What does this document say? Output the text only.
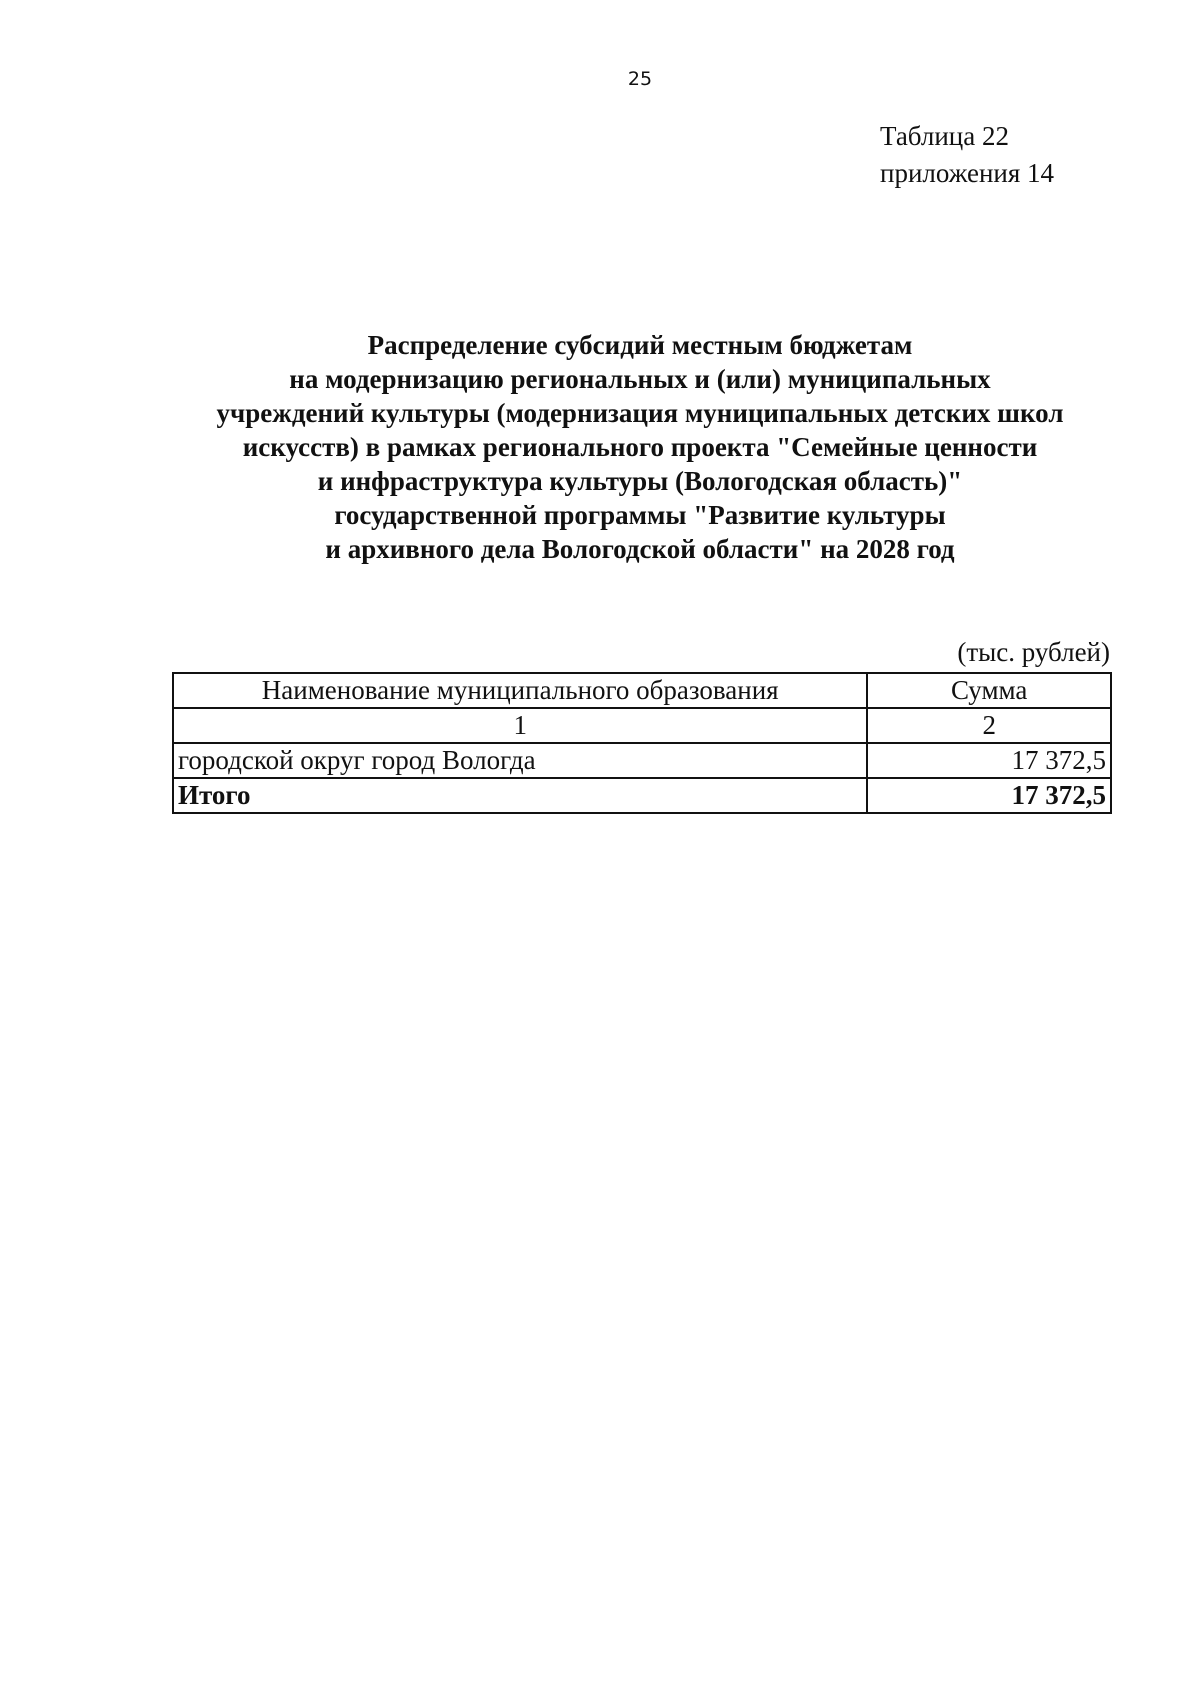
25
Таблица 22
приложения 14
Распределение субсидий местным бюджетам
на модернизацию региональных и (или) муниципальных
учреждений культуры (модернизация муниципальных детских школ
искусств) в рамках регионального проекта "Семейные ценности
и инфраструктура культуры (Вологодская область)"
государственной программы "Развитие культуры
и архивного дела Вологодской области" на 2028 год
(тыс. рублей)
Наименование муниципального образования	Сумма
1	2
городской округ город Вологда	17 372,5
Итого	17 372,5
